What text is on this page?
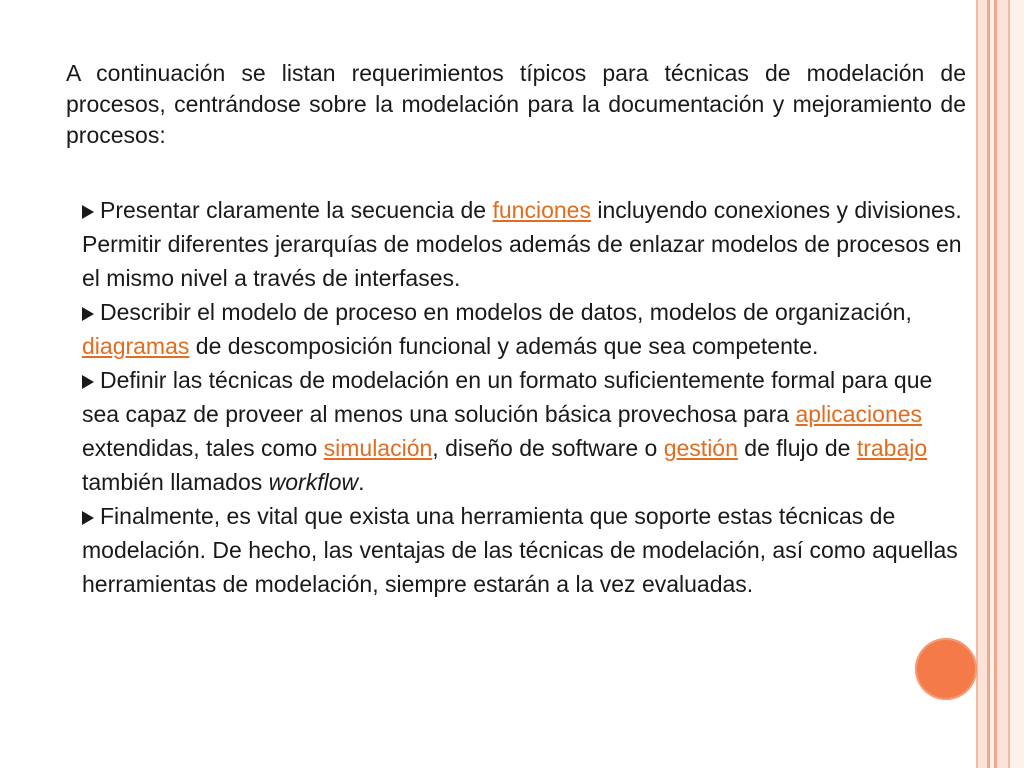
A continuación se listan requerimientos típicos para técnicas de modelación de procesos, centrándose sobre la modelación para la documentación y mejoramiento de procesos:

Presentar claramente la secuencia de funciones incluyendo conexiones y divisiones. Permitir diferentes jerarquías de modelos además de enlazar modelos de procesos en el mismo nivel a través de interfases.
Describir el modelo de proceso en modelos de datos, modelos de organización, diagramas de descomposición funcional y además que sea competente.
Definir las técnicas de modelación en un formato suficientemente formal para que sea capaz de proveer al menos una solución básica provechosa para aplicaciones extendidas, tales como simulación, diseño de software o gestión de flujo de trabajo también llamados workflow.
Finalmente, es vital que exista una herramienta que soporte estas técnicas de modelación. De hecho, las ventajas de las técnicas de modelación, así como aquellas herramientas de modelación, siempre estarán a la vez evaluadas.
